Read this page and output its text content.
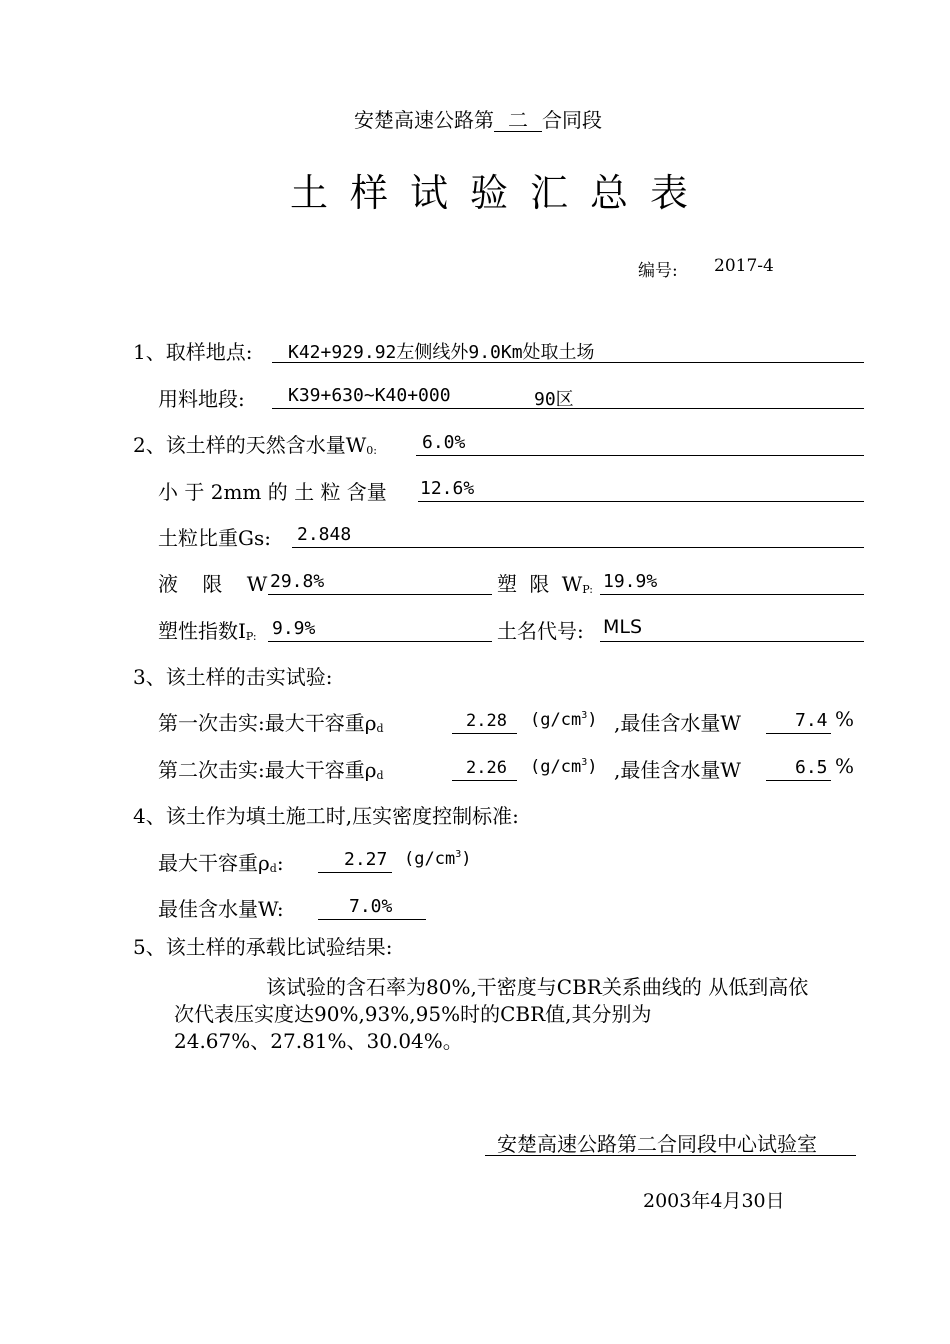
安楚高速公路第 二 合同段
土样试验汇总表
编号: 2017-4
1、取样地点: K42+929.92左侧线外9.0Km处取土场
用料地段: K39+630~K40+000	90区
2、该土样的天然含水量$W_{0:}$	6.0%
小 于 2mm 的 土 粒 含量 12.6%
土粒比重Gs: 2.848
液 限 W 29.8%	塑 限 $W_{P:}$ 19.9%
塑性指数$I_{P:}$ 9.9%	土名代号: MLS
3、该土样的击实试验:
第一次击实:最大干容重$\rho_d$	2.28 $(g/cm^3)$ ,最佳含水量W	7.4 %
第二次击实:最大干容重$\rho_d$	2.26 $(g/cm^3)$ ,最佳含水量W	6.5 %
4、该土作为填土施工时,压实密度控制标准:
最大干容重$\rho_d$:	2.27 $(g/cm^3)$
最佳含水量W:	7.0%
5、该土样的承载比试验结果:
该试验的含石率为80%,干密度与CBR关系曲线的 从低到高依
次代表压实度达90%,93%,95%时的CBR值,其分别为
24.67%、27.81%、30.04%。
安楚高速公路第二合同段中心试验室
2003年4月30日
